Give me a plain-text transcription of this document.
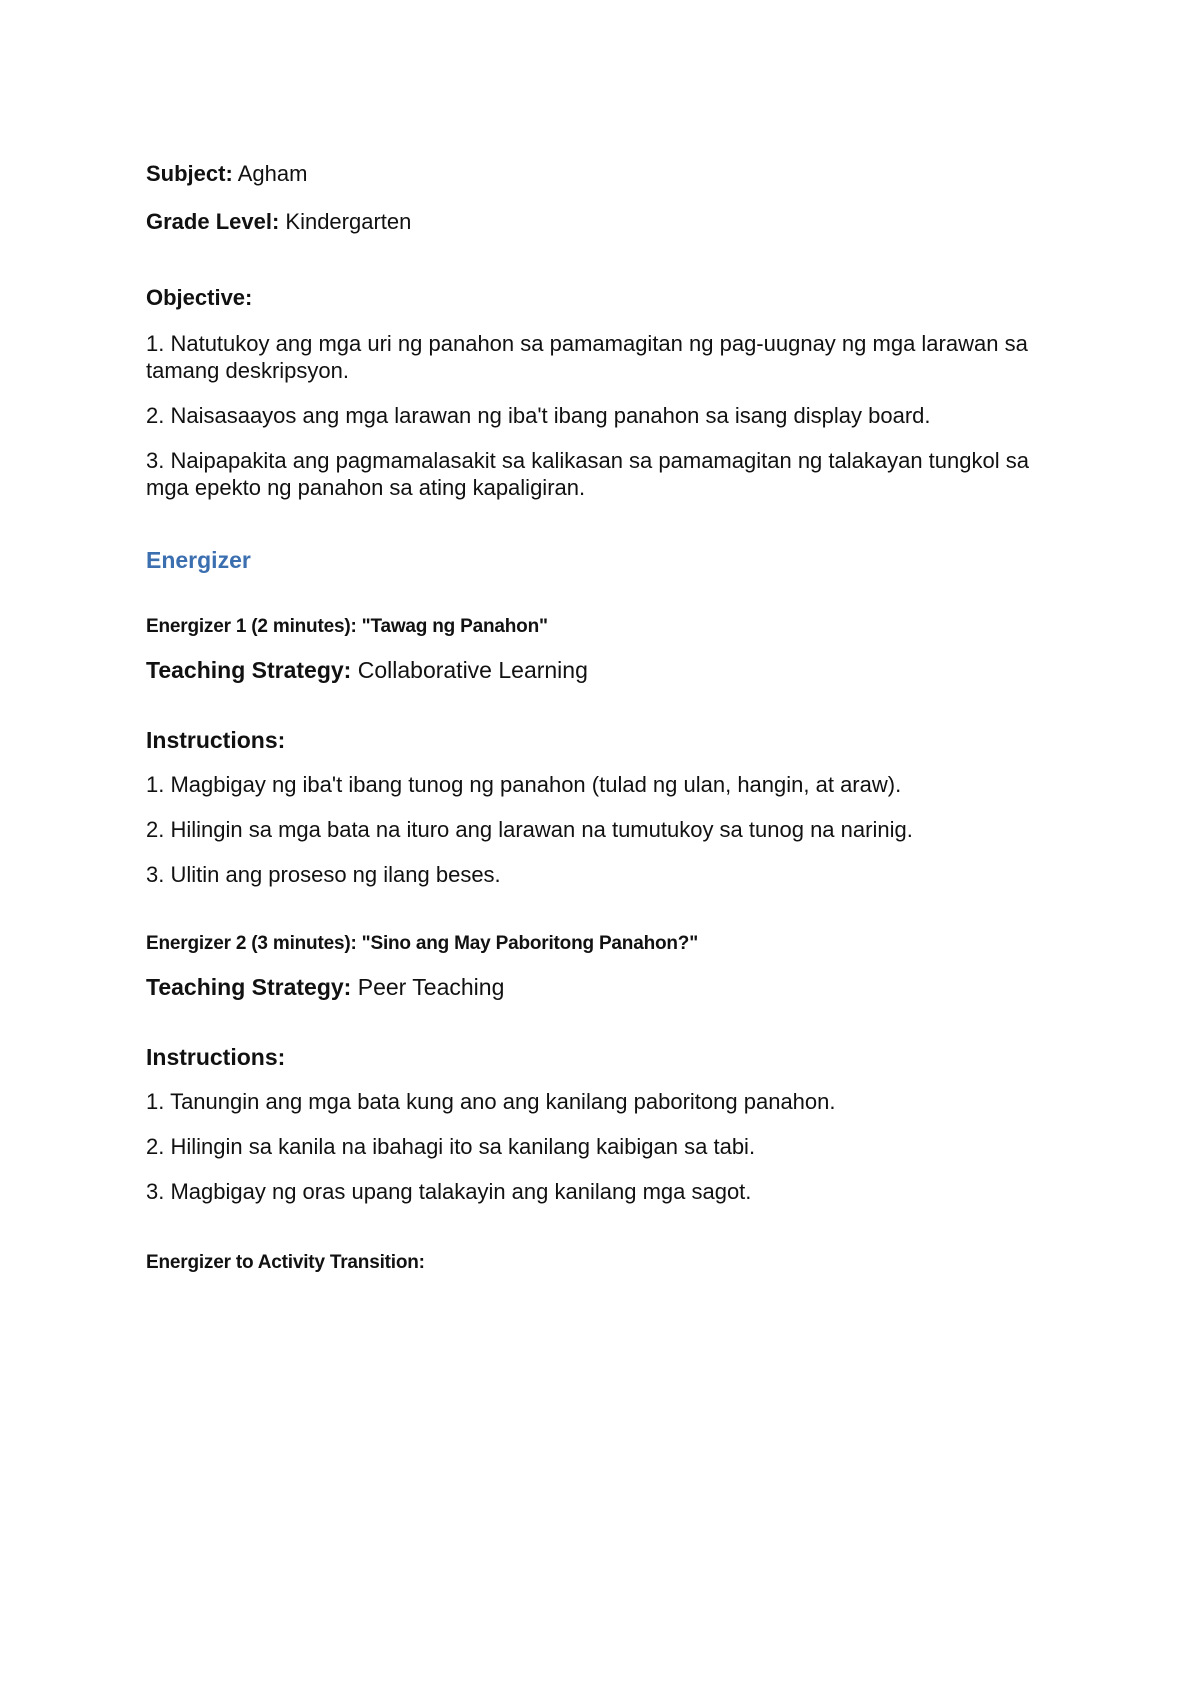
Subject: Agham

Grade Level: Kindergarten

Objective:

1. Natutukoy ang mga uri ng panahon sa pamamagitan ng pag-uugnay ng mga larawan sa tamang deskripsyon.

2. Naisasaayos ang mga larawan ng iba't ibang panahon sa isang display board.

3. Naipapakita ang pagmamalasakit sa kalikasan sa pamamagitan ng talakayan tungkol sa mga epekto ng panahon sa ating kapaligiran.

Energizer

Energizer 1 (2 minutes): "Tawag ng Panahon"

Teaching Strategy: Collaborative Learning

Instructions:

1. Magbigay ng iba't ibang tunog ng panahon (tulad ng ulan, hangin, at araw).

2. Hilingin sa mga bata na ituro ang larawan na tumutukoy sa tunog na narinig.

3. Ulitin ang proseso ng ilang beses.

Energizer 2 (3 minutes): "Sino ang May Paboritong Panahon?"

Teaching Strategy: Peer Teaching

Instructions:

1. Tanungin ang mga bata kung ano ang kanilang paboritong panahon.

2. Hilingin sa kanila na ibahagi ito sa kanilang kaibigan sa tabi.

3. Magbigay ng oras upang talakayin ang kanilang mga sagot.

Energizer to Activity Transition:
